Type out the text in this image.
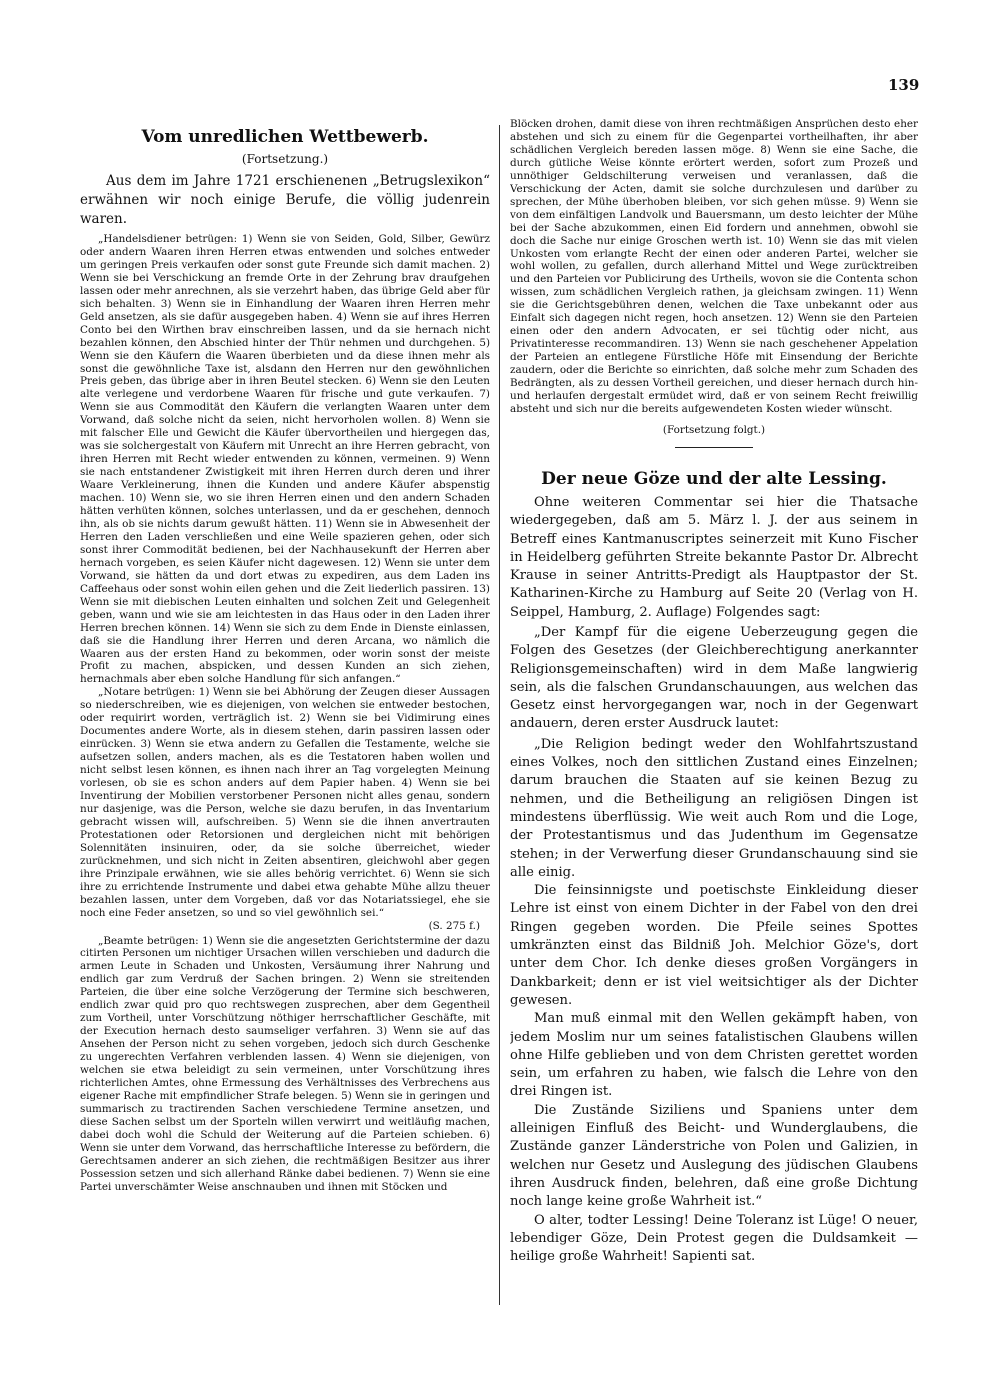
139
Vom unredlichen Wettbewerb.
(Fortsetzung.)

Aus dem im Jahre 1721 erschienenen „Betrugslexikon“ erwähnen wir noch einige Berufe, die völlig judenrein waren.

„Handelsdiener betrügen: 1) Wenn sie von Seiden, Gold, Silber, Gewürz oder andern Waaren ihren Herren etwas entwenden und solches entweder um geringen Preis verkaufen oder sonst gute Freunde sich damit machen. 2) Wenn sie bei Verschickung an fremde Orte in der Zehrung brav draufgehen lassen oder mehr anrechnen, als sie verzehrt haben, das übrige Geld aber für sich behalten. 3) Wenn sie in Einhandlung der Waaren ihren Herren mehr Geld ansetzen, als sie dafür ausgegeben haben. 4) Wenn sie auf ihres Herren Conto bei den Wirthen brav einschreiben lassen, und da sie hernach nicht bezahlen können, den Abschied hinter der Thür nehmen und durchgehen. 5) Wenn sie den Käufern die Waaren überbieten und da diese ihnen mehr als sonst die gewöhnliche Taxe ist, alsdann den Herren nur den gewöhnlichen Preis geben, das übrige aber in ihren Beutel stecken. 6) Wenn sie den Leuten alte verlegene und verdorbene Waaren für frische und gute verkaufen. 7) Wenn sie aus Commodität den Käufern die verlangten Waaren unter dem Vorwand, daß solche nicht da seien, nicht hervorholen wollen. 8) Wenn sie mit falscher Elle und Gewicht die Käufer übervortheilen und hiergegen das, was sie solchergestalt von Käufern mit Unrecht an ihre Herren gebracht, von ihren Herren mit Recht wieder entwenden zu können, vermeinen. 9) Wenn sie nach entstandener Zwistigkeit mit ihren Herren durch deren und ihrer Waare Verkleinerung, ihnen die Kunden und andere Käufer abspenstig machen. 10) Wenn sie, wo sie ihren Herren einen und den andern Schaden hätten verhüten können, solches unterlassen, und da er geschehen, dennoch ihn, als ob sie nichts darum gewußt hätten. 11) Wenn sie in Abwesenheit der Herren den Laden verschließen und eine Weile spazieren gehen, oder sich sonst ihrer Commodität bedienen, bei der Nachhausekunft der Herren aber hernach vorgeben, es seien Käufer nicht dagewesen. 12) Wenn sie unter dem Vorwand, sie hätten da und dort etwas zu expediren, aus dem Laden ins Caffeehaus oder sonst wohin eilen gehen und die Zeit liederlich passiren. 13) Wenn sie mit diebischen Leuten einhalten und solchen Zeit und Gelegenheit geben, wann und wie sie am leichtesten in das Haus oder in den Laden ihrer Herren brechen können. 14) Wenn sie sich zu dem Ende in Dienste einlassen, daß sie die Handlung ihrer Herren und deren Arcana, wo nämlich die Waaren aus der ersten Hand zu bekommen, oder worin sonst der meiste Profit zu machen, abspicken, und dessen Kunden an sich ziehen, hernachmals aber eben solche Handlung für sich anfangen.“

„Notare betrügen: 1) Wenn sie bei Abhörung der Zeugen dieser Aussagen so niederschreiben, wie es diejenigen, von welchen sie entweder bestochen, oder requirirt worden, verträglich ist. 2) Wenn sie bei Vidimirung eines Documentes andere Worte, als in diesem stehen, darin passiren lassen oder einrücken. 3) Wenn sie etwa andern zu Gefallen die Testamente, welche sie aufsetzen sollen, anders machen, als es die Testatoren haben wollen und nicht selbst lesen können, es ihnen nach ihrer an Tag vorgelegten Meinung vorlesen, ob sie es schon anders auf dem Papier haben. 4) Wenn sie bei Inventirung der Mobilien verstorbener Personen nicht alles genau, sondern nur dasjenige, was die Person, welche sie dazu berufen, in das Inventarium gebracht wissen will, aufschreiben. 5) Wenn sie die ihnen anvertrauten Protestationen oder Retorsionen und dergleichen nicht mit behörigen Solennitäten insinuiren, oder, da sie solche überreichet, wieder zurücknehmen, und sich nicht in Zeiten absentiren, gleichwohl aber gegen ihre Prinzipale erwähnen, wie sie alles behörig verrichtet. 6) Wenn sie sich ihre zu errichtende Instrumente und dabei etwa gehabte Mühe allzu theuer bezahlen lassen, unter dem Vorgeben, daß vor das Notariatssiegel, ehe sie noch eine Feder ansetzen, so und so viel gewöhnlich sei.“

(S. 275 f.)

„Beamte betrügen: 1) Wenn sie die angesetzten Gerichtstermine der dazu citirten Personen um nichtiger Ursachen willen verschieben und dadurch die armen Leute in Schaden und Unkosten, Versäumung ihrer Nahrung und endlich gar zum Verdruß der Sachen bringen. 2) Wenn sie streitenden Parteien, die über eine solche Verzögerung der Termine sich beschweren, endlich zwar quid pro quo rechtswegen zusprechen, aber dem Gegentheil zum Vortheil, unter Vorschützung nöthiger herrschaftlicher Geschäfte, mit der Execution hernach desto saumseliger verfahren. 3) Wenn sie auf das Ansehen der Person nicht zu sehen vorgeben, jedoch sich durch Geschenke zu ungerechten Verfahren verblenden lassen. 4) Wenn sie diejenigen, von welchen sie etwa beleidigt zu sein vermeinen, unter Vorschützung ihres richterlichen Amtes, ohne Ermessung des Verhältnisses des Verbrechens aus eigener Rache mit empfindlicher Strafe belegen. 5) Wenn sie in geringen und summarisch zu tractirenden Sachen verschiedene Termine ansetzen, und diese Sachen selbst um der Sporteln willen verwirrt und weitläufig machen, dabei doch wohl die Schuld der Weiterung auf die Parteien schieben. 6) Wenn sie unter dem Vorwand, das herrschaftliche Interesse zu befördern, die Gerechtsamen anderer an sich ziehen, die rechtmäßigen Besitzer aus ihrer Possession setzen und sich allerhand Ränke dabei bedienen. 7) Wenn sie eine Partei unverschämter Weise anschnauben und ihnen mit Stöcken und

Blöcken drohen, damit diese von ihren rechtmäßigen Ansprüchen desto eher abstehen und sich zu einem für die Gegenpartei vortheilhaften, ihr aber schädlichen Vergleich bereden lassen möge. 8) Wenn sie eine Sache, die durch gütliche Weise könnte erörtert werden, sofort zum Prozeß und unnöthiger Geldschilterung verweisen und veranlassen, daß die Verschickung der Acten, damit sie solche durchzulesen und darüber zu sprechen, der Mühe überhoben bleiben, vor sich gehen müsse. 9) Wenn sie von dem einfältigen Landvolk und Bauersmann, um desto leichter der Mühe bei der Sache abzukommen, einen Eid fordern und annehmen, obwohl sie doch die Sache nur einige Groschen werth ist. 10) Wenn sie das mit vielen Unkosten vom erlangte Recht der einen oder anderen Partei, welcher sie wohl wollen, zu gefallen, durch allerhand Mittel und Wege zurücktreiben und den Parteien vor Publicirung des Urtheils, wovon sie die Contenta schon wissen, zum schädlichen Vergleich rathen, ja gleichsam zwingen. 11) Wenn sie die Gerichtsgebühren denen, welchen die Taxe unbekannt oder aus Einfalt sich dagegen nicht regen, hoch ansetzen. 12) Wenn sie den Parteien einen oder den andern Advocaten, er sei tüchtig oder nicht, aus Privatinteresse recommandiren. 13) Wenn sie nach geschehener Appelation der Parteien an entlegene Fürstliche Höfe mit Einsendung der Berichte zaudern, oder die Berichte so einrichten, daß solche mehr zum Schaden des Bedrängten, als zu dessen Vortheil gereichen, und dieser hernach durch hin- und herlaufen dergestalt ermüdet wird, daß er von seinem Recht freiwillig absteht und sich nur die bereits aufgewendeten Kosten wieder wünscht.

(Fortsetzung folgt.)
Der neue Göze und der alte Lessing.

Ohne weiteren Commentar sei hier die Thatsache wiedergegeben, daß am 5. März l. J. der aus seinem in Betreff eines Kantmanuscriptes seinerzeit mit Kuno Fischer in Heidelberg geführten Streite bekannte Pastor Dr. Albrecht Krause in seiner Antritts-Predigt als Hauptpastor der St. Katharinen-Kirche zu Hamburg auf Seite 20 (Verlag von H. Seippel, Hamburg, 2. Auflage) Folgendes sagt:

„Der Kampf für die eigene Ueberzeugung gegen die Folgen des Gesetzes (der Gleichberechtigung anerkannter Religionsgemeinschaften) wird in dem Maße langwierig sein, als die falschen Grundanschauungen, aus welchen das Gesetz einst hervorgegangen war, noch in der Gegenwart andauern, deren erster Ausdruck lautet:

„Die Religion bedingt weder den Wohlfahrtszustand eines Volkes, noch den sittlichen Zustand eines Einzelnen; darum brauchen die Staaten auf sie keinen Bezug zu nehmen, und die Betheiligung an religiösen Dingen ist mindestens überflüssig. Wie weit auch Rom und die Loge, der Protestantismus und das Judenthum im Gegensatze stehen; in der Verwerfung dieser Grundanschauung sind sie alle einig.

Die feinsinnigste und poetischste Einkleidung dieser Lehre ist einst von einem Dichter in der Fabel von den drei Ringen gegeben worden. Die Pfeile seines Spottes umkränzten einst das Bildniß Joh. Melchior Göze's, dort unter dem Chor. Ich denke dieses großen Vorgängers in Dankbarkeit; denn er ist viel weitsichtiger als der Dichter gewesen.

Man muß einmal mit den Wellen gekämpft haben, von jedem Moslim nur um seines fatalistischen Glaubens willen ohne Hilfe geblieben und von dem Christen gerettet worden sein, um erfahren zu haben, wie falsch die Lehre von den drei Ringen ist.

Die Zustände Siziliens und Spaniens unter dem alleinigen Einfluß des Beicht- und Wunderglaubens, die Zustände ganzer Länderstriche von Polen und Galizien, in welchen nur Gesetz und Auslegung des jüdischen Glaubens ihren Ausdruck finden, belehren, daß eine große Dichtung noch lange keine große Wahrheit ist.“

O alter, todter Lessing! Deine Toleranz ist Lüge! O neuer, lebendiger Göze, Dein Protest gegen die Duldsamkeit — heilige große Wahrheit! Sapienti sat.
